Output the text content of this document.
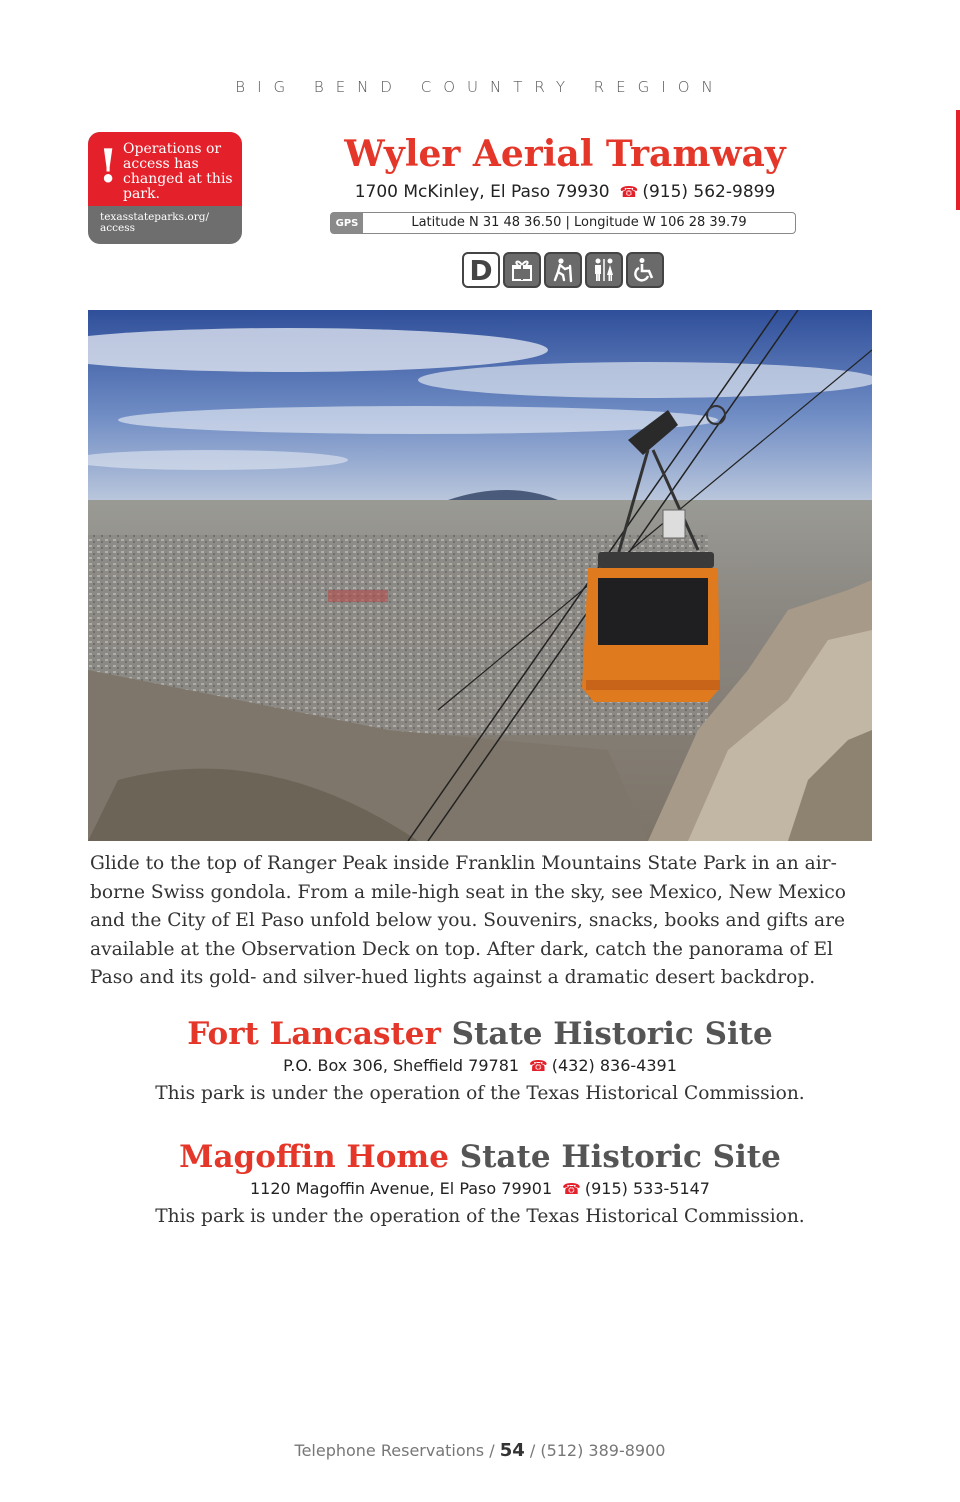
BIG BEND COUNTRY REGION
! Operations or access has changed at this park.
texasstateparks.org/ access
Wyler Aerial Tramway
1700 McKinley, El Paso 79930 ☎ (915) 562-9899
GPS	Latitude N 31 48 36.50 | Longitude W 106 28 39.79
D

Glide to the top of Ranger Peak inside Franklin Mountains State Park in an air-borne Swiss gondola. From a mile-high seat in the sky, see Mexico, New Mexico and the City of El Paso unfold below you. Souvenirs, snacks, books and gifts are available at the Observation Deck on top. After dark, catch the panorama of El Paso and its gold- and silver-hued lights against a dramatic desert backdrop.

Fort Lancaster State Historic Site
P.O. Box 306, Sheffield 79781 ☎ (432) 836-4391
This park is under the operation of the Texas Historical Commission.
Magoffin Home State Historic Site
1120 Magoffin Avenue, El Paso 79901 ☎ (915) 533-5147
This park is under the operation of the Texas Historical Commission.
Telephone Reservations / 54 / (512) 389-8900
